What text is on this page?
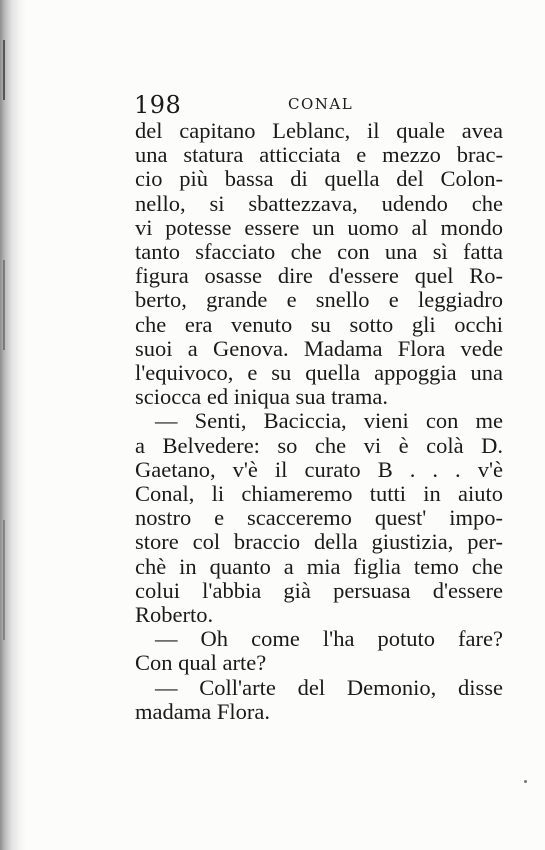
198	CONAL
del capitano Leblanc, il quale avea
una statura atticciata e mezzo brac-
cio più bassa di quella del Colon-
nello, si sbattezzava, udendo che
vi potesse essere un uomo al mondo
tanto sfacciato che con una sì fatta
figura osasse dire d'essere quel Ro-
berto, grande e snello e leggiadro
che era venuto su sotto gli occhi
suoi a Genova. Madama Flora vede
l'equivoco, e su quella appoggia una
sciocca ed iniqua sua trama.
— Senti, Baciccia, vieni con me
a Belvedere: so che vi è colà D.
Gaetano, v'è il curato B . . . v'è
Conal, li chiameremo tutti in aiuto
nostro e scacceremo quest' impo-
store col braccio della giustizia, per-
chè in quanto a mia figlia temo che
colui l'abbia già persuasa d'essere
Roberto.
— Oh come l'ha potuto fare?
Con qual arte?
— Coll'arte del Demonio, disse
madama Flora.
